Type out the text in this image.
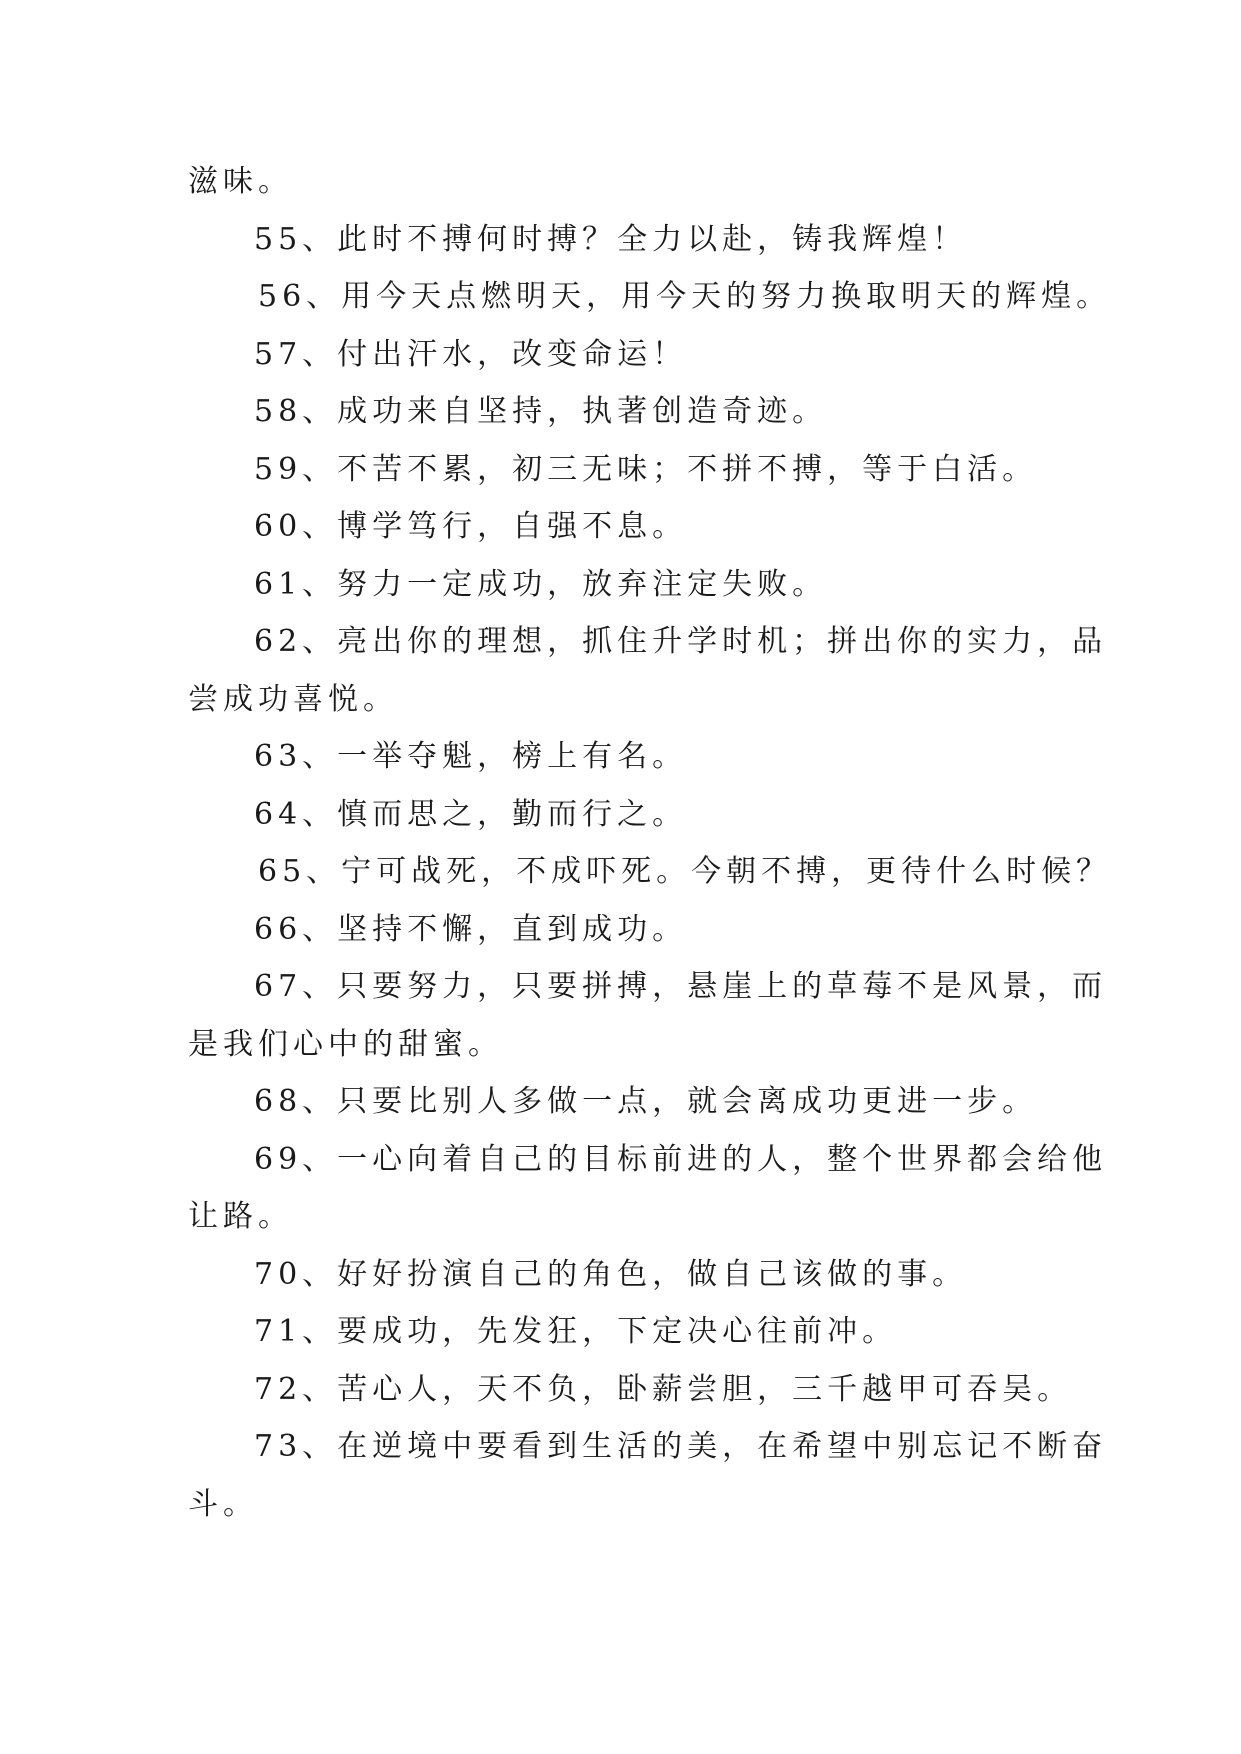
滋味。
55、此时不搏何时搏？全力以赴，铸我辉煌！
56、用今天点燃明天，用今天的努力换取明天的辉煌。
57、付出汗水，改变命运！
58、成功来自坚持，执著创造奇迹。
59、不苦不累，初三无味；不拼不搏，等于白活。
60、博学笃行，自强不息。
61、努力一定成功，放弃注定失败。
62、亮出你的理想，抓住升学时机；拼出你的实力，品
尝成功喜悦。
63、一举夺魁，榜上有名。
64、慎而思之，勤而行之。
65、宁可战死，不成吓死。今朝不搏，更待什么时候？
66、坚持不懈，直到成功。
67、只要努力，只要拼搏，悬崖上的草莓不是风景，而
是我们心中的甜蜜。
68、只要比别人多做一点，就会离成功更进一步。
69、一心向着自己的目标前进的人，整个世界都会给他
让路。
70、好好扮演自己的角色，做自己该做的事。
71、要成功，先发狂，下定决心往前冲。
72、苦心人，天不负，卧薪尝胆，三千越甲可吞吴。
73、在逆境中要看到生活的美，在希望中别忘记不断奋
斗。
